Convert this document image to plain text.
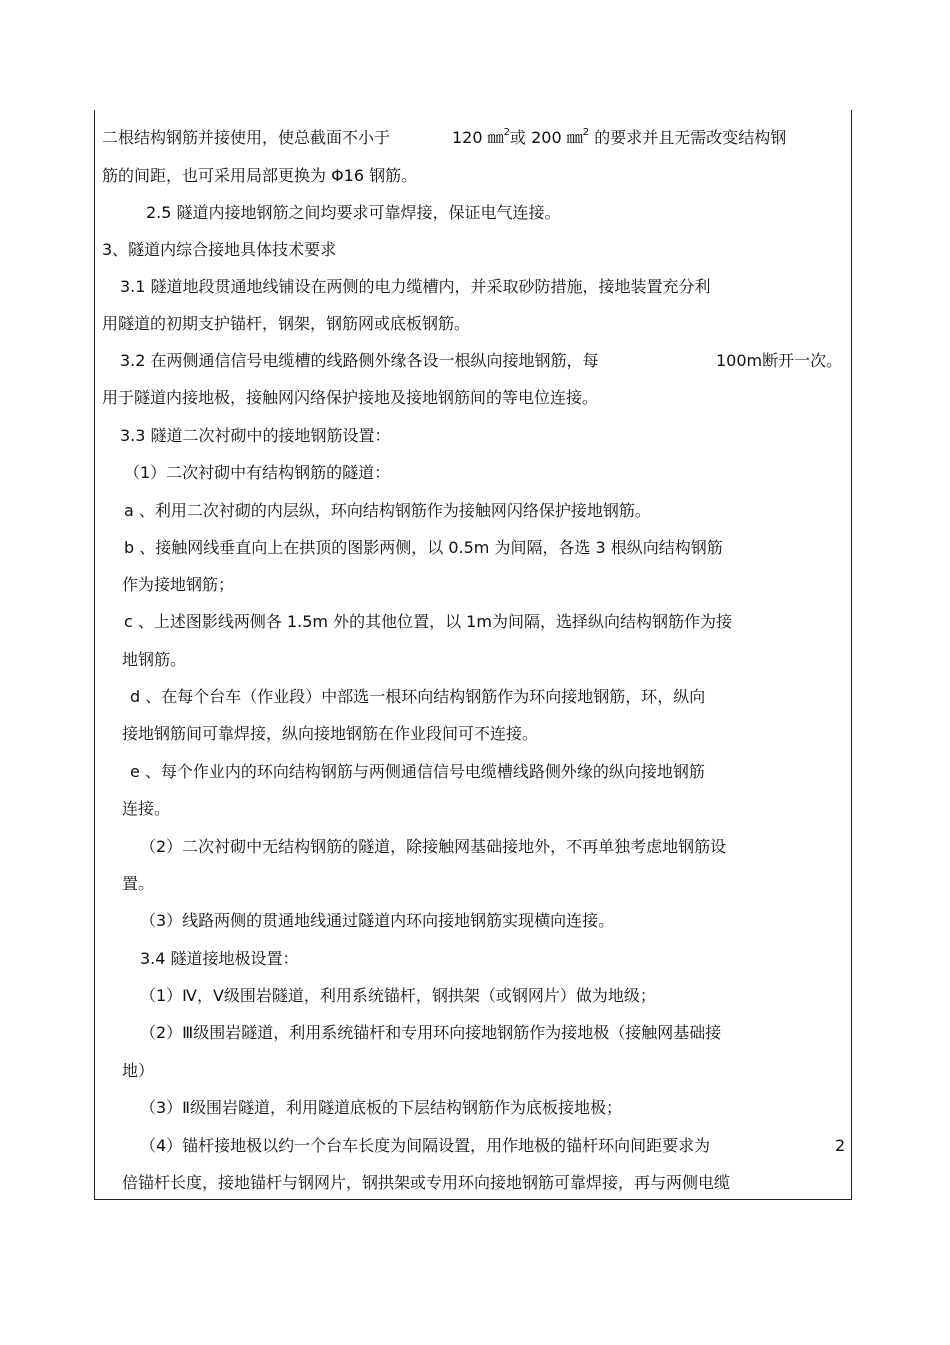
二根结构钢筋并接使用，使总截面不小于	120 ㎜$^2$或 200 ㎜$^2$ 的要求并且无需改变结构钢
筋的间距，也可采用局部更换为 Φ16 钢筋。
2.5 隧道内接地钢筋之间均要求可靠焊接，保证电气连接。
3、隧道内综合接地具体技术要求
3.1 隧道地段贯通地线铺设在两侧的电力缆槽内，并采取砂防措施，接地装置充分利
用隧道的初期支护锚杆，钢架，钢筋网或底板钢筋。
3.2 在两侧通信信号电缆槽的线路侧外缘各设一根纵向接地钢筋，每	100m断开一次。
用于隧道内接地极，接触网闪络保护接地及接地钢筋间的等电位连接。
3.3 隧道二次衬砌中的接地钢筋设置：
（1）二次衬砌中有结构钢筋的隧道：
a 、利用二次衬砌的内层纵，环向结构钢筋作为接触网闪络保护接地钢筋。
b 、接触网线垂直向上在拱顶的图影两侧，以 0.5m 为间隔，各选 3 根纵向结构钢筋
作为接地钢筋；
c 、上述图影线两侧各 1.5m 外的其他位置，以 1m为间隔，选择纵向结构钢筋作为接
地钢筋。
d 、在每个台车（作业段）中部选一根环向结构钢筋作为环向接地钢筋，环，纵向
接地钢筋间可靠焊接，纵向接地钢筋在作业段间可不连接。
e 、每个作业内的环向结构钢筋与两侧通信信号电缆槽线路侧外缘的纵向接地钢筋
连接。
（2）二次衬砌中无结构钢筋的隧道，除接触网基础接地外，不再单独考虑地钢筋设
置。
（3）线路两侧的贯通地线通过隧道内环向接地钢筋实现横向连接。
3.4 隧道接地极设置：
（1）Ⅳ，Ⅴ级围岩隧道，利用系统锚杆，钢拱架（或钢网片）做为地级；
（2）Ⅲ级围岩隧道，利用系统锚杆和专用环向接地钢筋作为接地极（接触网基础接
地）
（3）Ⅱ级围岩隧道，利用隧道底板的下层结构钢筋作为底板接地极；
（4）锚杆接地极以约一个台车长度为间隔设置，用作地极的锚杆环向间距要求为	2
倍锚杆长度，接地锚杆与钢网片，钢拱架或专用环向接地钢筋可靠焊接，再与两侧电缆
